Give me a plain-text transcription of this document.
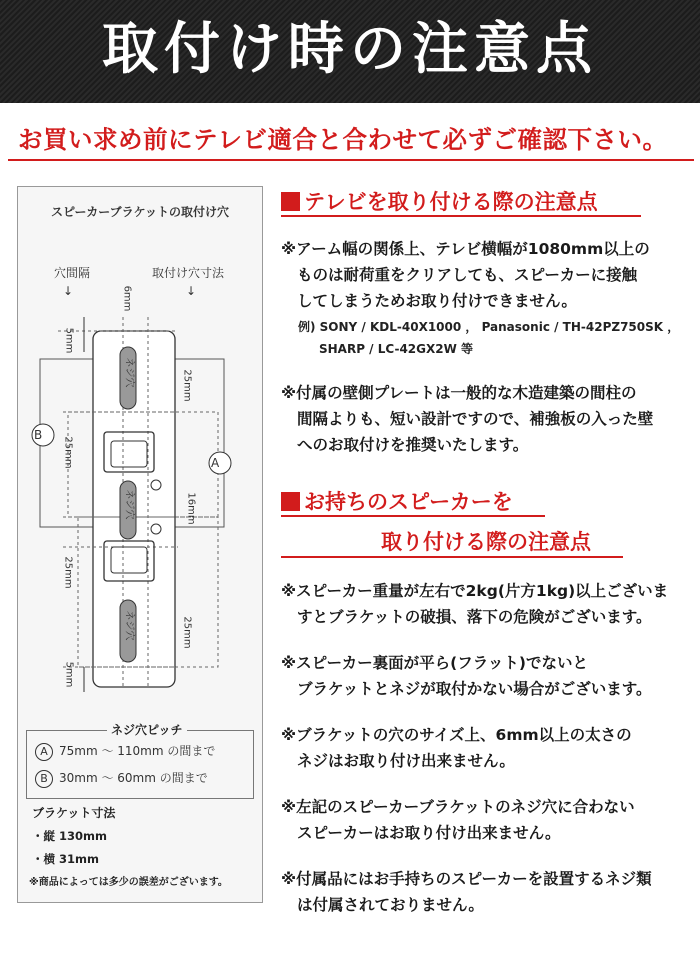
取付け時の注意点
お買い求め前にテレビ適合と合わせて必ずご確認下さい。
スピーカーブラケットの取付け穴
穴間隔	取付け穴寸法
↓	↓
B
A
6mm
5mm
25mm
25mm
16mm
25mm
25mm
5mm
ネジ穴
ネジ穴
ネジ穴
ネジ穴ピッチ
A 75mm 〜 110mm の間まで
B 30mm 〜 60mm の間まで
ブラケット寸法
・縦 130mm
・横 31mm
※商品によっては多少の誤差がございます。
テレビを取り付ける際の注意点
※アーム幅の関係上、テレビ横幅が1080mm以上の
ものは耐荷重をクリアしても、スピーカーに接触
してしまうためお取り付けできません。
例) SONY / KDL-40X1000 ， Panasonic / TH-42PZ750SK ，
SHARP / LC-42GX2W 等
※付属の壁側プレートは一般的な木造建築の間柱の
間隔よりも、短い設計ですので、補強板の入った壁
へのお取付けを推奨いたします。
お持ちのスピーカーを
取り付ける際の注意点
※スピーカー重量が左右で2kg(片方1kg)以上ございま
すとブラケットの破損、落下の危険がございます。
※スピーカー裏面が平ら(フラット)でないと
ブラケットとネジが取付かない場合がございます。
※ブラケットの穴のサイズ上、6mm以上の太さの
ネジはお取り付け出来ません。
※左記のスピーカーブラケットのネジ穴に合わない
スピーカーはお取り付け出来ません。
※付属品にはお手持ちのスピーカーを設置するネジ類
は付属されておりません。
